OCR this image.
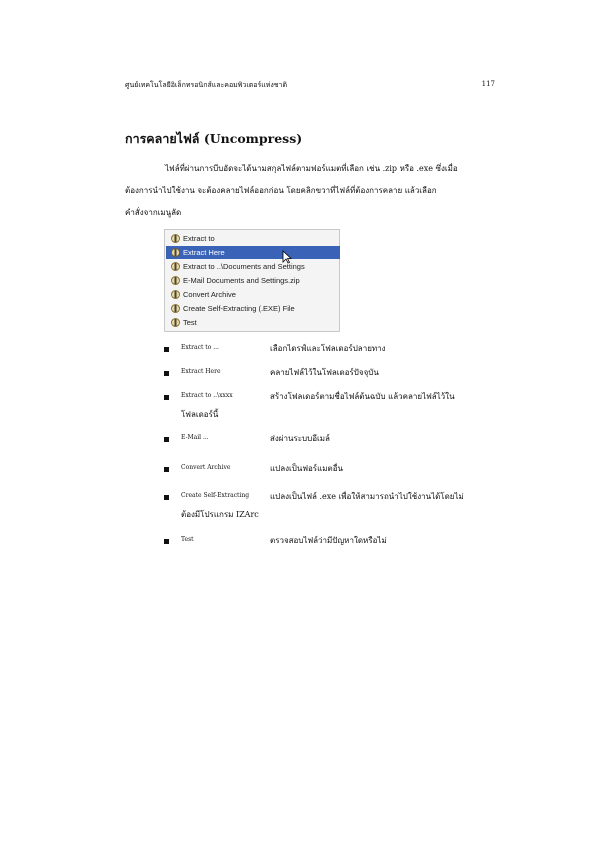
ศูนย์เทคโนโลยีอิเล็กทรอนิกส์และคอมพิวเตอร์แห่งชาติ	117
การคลายไฟล์ (Uncompress)

ไฟล์ที่ผ่านการบีบอัดจะได้นามสกุลไฟล์ตามฟอร์แมตที่เลือก เช่น .zip หรือ .exe ซึ่งเมื่อ

ต้องการนำไปใช้งาน จะต้องคลายไฟล์ออกก่อน โดยคลิกขวาที่ไฟล์ที่ต้องการคลาย แล้วเลือก
คำสั่งจากเมนูลัด
Extract to
Extract Here
Extract to ..\Documents and Settings
E-Mail Documents and Settings.zip
Convert Archive
Create Self-Extracting (.EXE) File
Test
Extract to ...	เลือกไดรฟ์และโฟลเดอร์ปลายทาง
Extract Here	คลายไฟล์ไว้ในโฟลเดอร์ปัจจุบัน
Extract to ..\xxxx	สร้างโฟลเดอร์ตามชื่อไฟล์ต้นฉบับ แล้วคลายไฟล์ไว้ใน
โฟลเดอร์นี้
E-Mail ...	ส่งผ่านระบบอีเมล์
Convert Archive	แปลงเป็นฟอร์แมตอื่น
Create Self-Extracting	แปลงเป็นไฟล์ .exe เพื่อให้สามารถนำไปใช้งานได้โดยไม่
ต้องมีโปรแกรม IZArc
Test	ตรวจสอบไฟล์ว่ามีปัญหาใดหรือไม่
